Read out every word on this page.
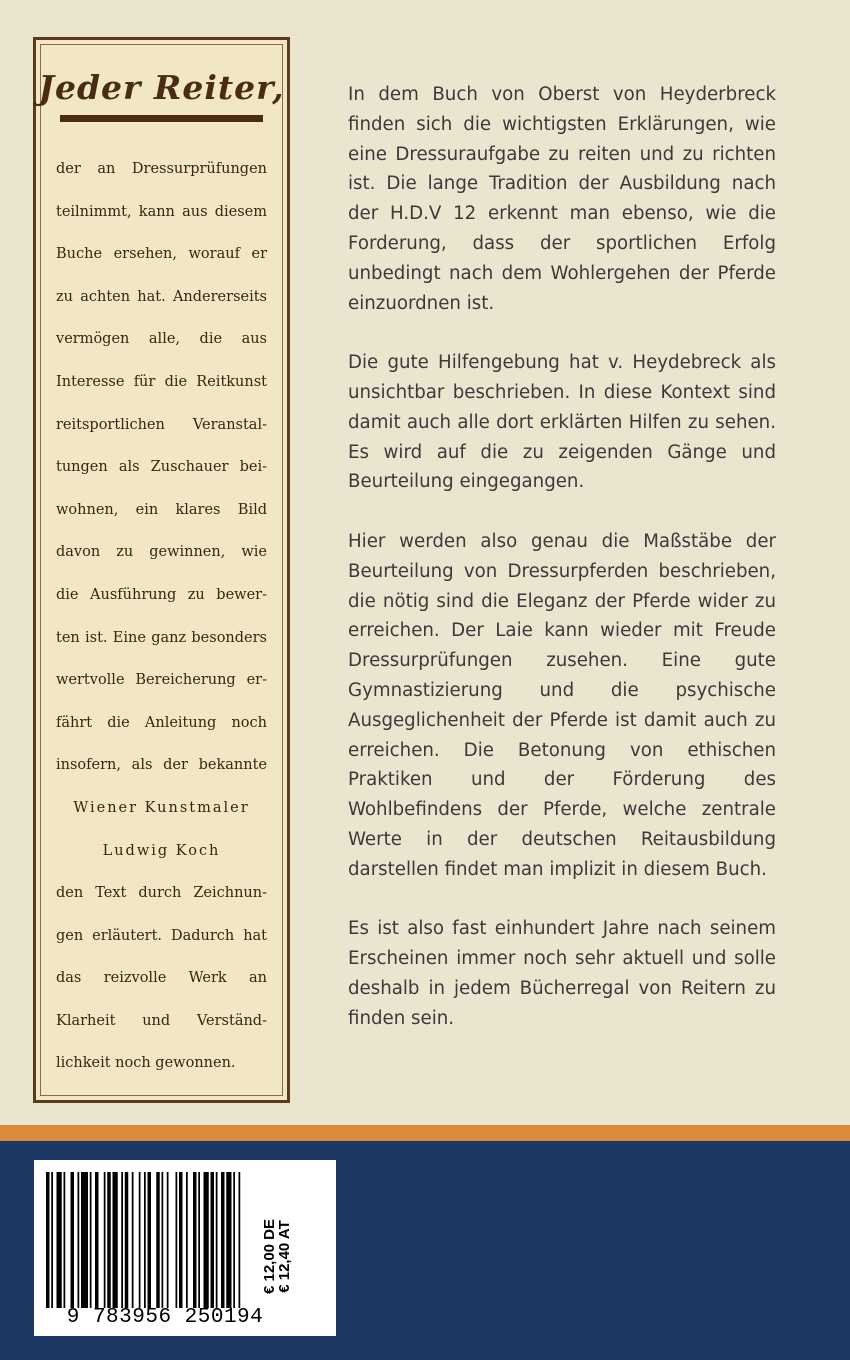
Jeder Reiter,
der an Dressurprüfungen
teilnimmt, kann aus diesem
Buche ersehen, worauf er
zu achten hat. Andererseits
vermögen alle, die aus
Interesse für die Reitkunst
reitsportlichen Veranstal-
tungen als Zuschauer bei-
wohnen, ein klares Bild
davon zu gewinnen, wie
die Ausführung zu bewer-
ten ist. Eine ganz besonders
wertvolle Bereicherung er-
fährt die Anleitung noch
insofern, als der bekannte
Wiener Kunstmaler
Ludwig Koch
den Text durch Zeichnun-
gen erläutert. Dadurch hat
das reizvolle Werk an
Klarheit und Verständ-
lichkeit noch gewonnen.

In dem Buch von Oberst von Heyderbreck finden sich die wichtigsten Erklärungen, wie eine Dressuraufgabe zu reiten und zu richten ist. Die lange Tradition der Ausbildung nach der H.D.V 12 erkennt man ebenso, wie die Forderung, dass der sportlichen Erfolg unbedingt nach dem Wohlergehen der Pferde einzuordnen ist.

Die gute Hilfengebung hat v. Heydebreck als unsichtbar beschrieben. In diese Kontext sind damit auch alle dort erklärten Hilfen zu sehen. Es wird auf die zu zeigenden Gänge und Beurteilung eingegangen.

Hier werden also genau die Maßstäbe der Beurteilung von Dressurpferden beschrieben, die nötig sind die Eleganz der Pferde wider zu erreichen. Der Laie kann wieder mit Freude Dressurprüfungen zusehen. Eine gute Gymnastizierung und die psychische Ausgeglichenheit der Pferde ist damit auch zu erreichen. Die Betonung von ethischen Praktiken und der Förderung des Wohlbefindens der Pferde, welche zentrale Werte in der deutschen Reitausbildung darstellen findet man implizit in diesem Buch.

Es ist also fast einhundert Jahre nach seinem Erscheinen immer noch sehr aktuell und solle deshalb in jedem Bücherregal von Reitern zu finden sein.

9 783956 250194
€ 12,00 DE
€ 12,40 AT
